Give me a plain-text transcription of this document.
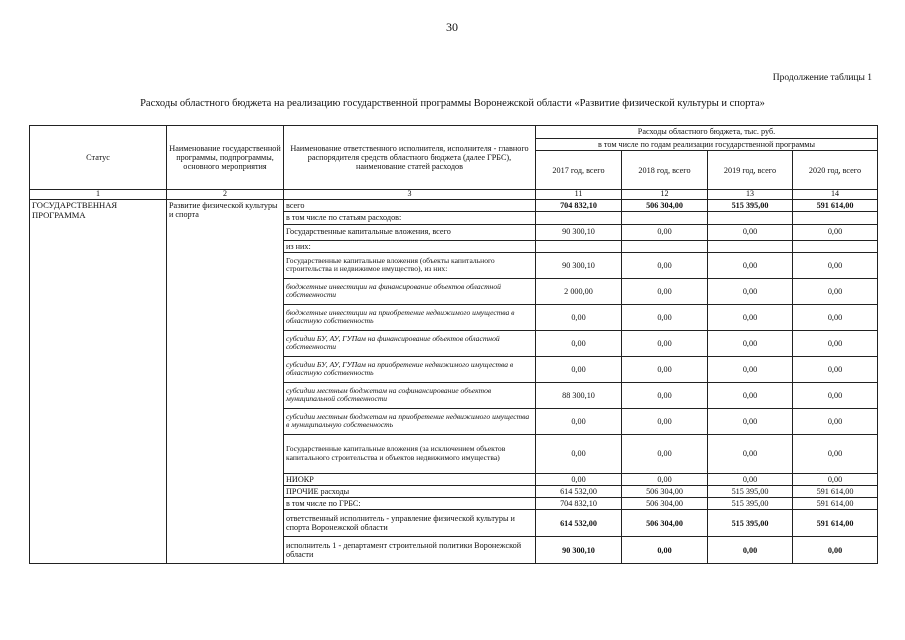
30
Продолжение таблицы 1
Расходы областного бюджета на реализацию государственной программы Воронежской области «Развитие физической культуры и спорта»
Статус	Наименование государственной программы, подпрограммы, основного мероприятия	Наименование ответственного исполнителя, исполнителя - главного распорядителя средств областного бюджета (далее ГРБС), наименование статей расходов	Расходы областного бюджета, тыс. руб.			
			в том числе по годам реализации государственной программы			
			2017 год, всего	2018 год, всего	2019 год, всего	2020 год, всего
1	2	3	11	12	13	14
ГОСУДАРСТВЕННАЯ ПРОГРАММА	Развитие физической культуры и спорта	всего	704 832,10	506 304,00	515 395,00	591 614,00
		в том числе по статьям расходов:				
		Государственные капитальные вложения, всего	90 300,10	0,00	0,00	0,00
		из них:				
		Государственные капитальные вложения (объекты капитального строительства и недвижимое имущество), из них:	90 300,10	0,00	0,00	0,00
		бюджетные инвестиции на финансирование объектов областной собственности	2 000,00	0,00	0,00	0,00
		бюджетные инвестиции на приобретение недвижимого имущества в областную собственность	0,00	0,00	0,00	0,00
		субсидии БУ, АУ, ГУПам на финансирование объектов областной собственности	0,00	0,00	0,00	0,00
		субсидии БУ, АУ, ГУПам на приобретение недвижимого имущества в областную собственность	0,00	0,00	0,00	0,00
		субсидии местным бюджетам на софинансирование объектов муниципальной собственности	88 300,10	0,00	0,00	0,00
		субсидии местным бюджетам на приобретение недвижимого имущества в муниципальную собственность	0,00	0,00	0,00	0,00
		Государственные капитальные вложения (за исключением объектов капитального строительства и объектов недвижимого имущества)	0,00	0,00	0,00	0,00
		НИОКР	0,00	0,00	0,00	0,00
		ПРОЧИЕ расходы	614 532,00	506 304,00	515 395,00	591 614,00
		в том числе по ГРБС:	704 832,10	506 304,00	515 395,00	591 614,00
		ответственный исполнитель - управление физической культуры и спорта Воронежской области	614 532,00	506 304,00	515 395,00	591 614,00
		исполнитель 1 - департамент строительной политики Воронежской области	90 300,10	0,00	0,00	0,00
